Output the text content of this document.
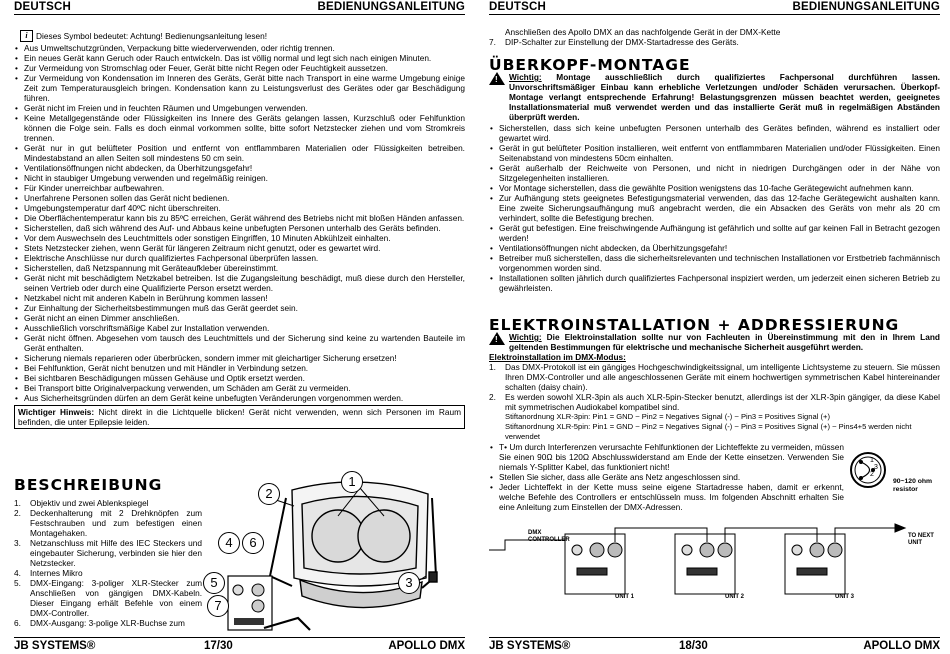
DEUTSCH	BEDIENUNGSANLEITUNG
i	Dieses Symbol bedeutet: Achtung! Bedienungsanleitung lesen!
• Aus Umweltschutzgründen, Verpackung bitte wiederverwenden, oder richtig trennen.
• Ein neues Gerät kann Geruch oder Rauch entwickeln. Das ist völlig normal und legt sich nach einigen Minuten.
• Zur Vermeidung von Stromschlag oder Feuer, Gerät bitte nicht Regen oder Feuchtigkeit aussetzen.
• Zur Vermeidung von Kondensation im Inneren des Geräts, Gerät bitte nach Transport in eine warme Umgebung einige Zeit zum Temperaturausgleich bringen. Kondensation kann zu Leistungsverlust des Gerätes oder gar Beschädigung führen.
• Gerät nicht im Freien und in feuchten Räumen und Umgebungen verwenden.
• Keine Metallgegenstände oder Flüssigkeiten ins Innere des Geräts gelangen lassen, Kurzschluß oder Fehlfunktion können die Folge sein. Falls es doch einmal vorkommen sollte, bitte sofort Netzstecker ziehen und vom Stromkreis trennen.
• Gerät nur in gut belüfteter Position und entfernt von entflammbaren Materialien oder Flüssigkeiten betreiben. Mindestabstand an allen Seiten soll mindestens 50 cm sein.
• Ventilationsöffnungen nicht abdecken, da Überhitzungsgefahr!
• Nicht in staubiger Umgebung verwenden und regelmäßig reinigen.
• Für Kinder unerreichbar aufbewahren.
• Unerfahrene Personen sollen das Gerät nicht bedienen.
• Umgebungstemperatur darf 40ºC nicht überschreiten.
• Die Oberflächentemperatur kann bis zu 85ºC erreichen, Gerät während des Betriebs nicht mit bloßen Händen anfassen.
• Sicherstellen, daß sich während des Auf- und Abbaus keine unbefugten Personen unterhalb des Geräts befinden.
• Vor dem Auswechseln des Leuchtmittels oder sonstigen Eingriffen, 10 Minuten Abkühlzeit einhalten.
• Stets Netzstecker ziehen, wenn Gerät für längeren Zeitraum nicht genutzt, oder es gewartet wird.
• Elektrische Anschlüsse nur durch qualifiziertes Fachpersonal überprüfen lassen.
• Sicherstellen, daß Netzspannung mit Geräteaufkleber übereinstimmt.
• Gerät nicht mit beschädigtem Netzkabel betreiben. Ist die Zugangsleitung beschädigt, muß diese durch den Hersteller, seinen Vertrieb oder durch eine Qualifizierte Person ersetzt werden.
• Netzkabel nicht mit anderen Kabeln in Berührung kommen lassen!
• Zur Einhaltung der Sicherheitsbestimmungen muß das Gerät geerdet sein.
• Gerät nicht an einen Dimmer anschließen.
• Ausschließlich vorschriftsmäßige Kabel zur Installation verwenden.
• Gerät nicht öffnen. Abgesehen vom tausch des Leuchtmittels und der Sicherung sind keine zu wartenden Bauteile im Gerät enthalten.
• Sicherung niemals reparieren oder überbrücken, sondern immer mit gleichartiger Sicherung ersetzen!
• Bei Fehlfunktion, Gerät nicht benutzen und mit Händler in Verbindung setzen.
• Bei sichtbaren Beschädigungen müssen Gehäuse und Optik ersetzt werden.
• Bei Transport bitte Originalverpackung verwenden, um Schäden am Gerät zu vermeiden.
• Aus Sicherheitsgründen dürfen an dem Gerät keine unbefugten Veränderungen vorgenommen werden.
Wichtiger Hinweis: Nicht direkt in die Lichtquelle blicken! Gerät nicht verwenden, wenn sich Personen im Raum befinden, die unter Epilepsie leiden.
BESCHREIBUNG
1. Objektiv und zwei Ablenkspiegel
2. Deckenhalterung mit 2 Drehknöpfen zum Festschrauben und zum befestigen einen Montagehaken.
3. Netzanschluss mit Hilfe des IEC Steckers und eingebauter Sicherung, verbinden sie hier den Netzstecker.
4. Internes Mikro
5. DMX-Eingang: 3-poliger XLR-Stecker zum Anschließen von gängigen DMX-Kabeln. Dieser Eingang erhält Befehle von einem DMX-Controller.
6. DMX-Ausgang: 3-polige XLR-Buchse zum
1
2
3
4
5
6
7
JB SYSTEMS®	17/30	APOLLO DMX
DEUTSCH	BEDIENUNGSANLEITUNG
Anschließen des Apollo DMX an das nachfolgende Gerät in der DMX-Kette
7. DIP-Schalter zur Einstellung der DMX-Startadresse des Geräts.
ÜBERKOPF-MONTAGE
! Wichtig: Montage ausschließlich durch qualifiziertes Fachpersonal durchführen lassen. Unvorschriftsmäßiger Einbau kann erhebliche Verletzungen und/oder Schäden verursachen. Überkopf-Montage verlangt entsprechende Erfahrung! Belastungsgrenzen müssen beachtet werden, geeignetes Installationsmaterial muß verwendet werden und das installierte Gerät muß in regelmäßigen Abständen überprüft werden.
• Sicherstellen, dass sich keine unbefugten Personen unterhalb des Gerätes befinden, während es installiert oder gewartet wird.
• Gerät in gut belüfteter Position installieren, weit entfernt von entflammbaren Materialien und/oder Flüssigkeiten. Einen Seitenabstand von mindestens 50cm einhalten.
• Gerät außerhalb der Reichweite von Personen, und nicht in niedrigen Durchgängen oder in der Nähe von Sitzgelegenheiten installieren.
• Vor Montage sicherstellen, dass die gewählte Position wenigstens das 10-fache Gerätegewicht aufnehmen kann.
• Zur Aufhängung stets geeignetes Befestigungsmaterial verwenden, das das 12-fache Gerätegewicht aushalten kann. Eine zweite Sicherungsaufhängung muß angebracht werden, die ein Absacken des Geräts von mehr als 20 cm verhindert, sollte die Befestigung brechen.
• Gerät gut befestigen. Eine freischwingende Aufhängung ist gefährlich und sollte auf gar keinen Fall in Betracht gezogen werden!
• Ventilationsöffnungen nicht abdecken, da Überhitzungsgefahr!
• Betreiber muß sicherstellen, dass die sicherheitsrelevanten und technischen Installationen vor Erstbetrieb fachmännisch vorgenommen worden sind.
• Installationen sollten jährlich durch qualifiziertes Fachpersonal inspiziert werden, um jederzeit einen sicheren Betrieb zu gewährleisten.
ELEKTROINSTALLATION + ADDRESSIERUNG
! Wichtig: Die Elektroinstallation sollte nur von Fachleuten in Übereinstimmung mit den in Ihrem Land geltenden Bestimmungen für elektrische und mechanische Sicherheit ausgeführt werden.
Elektroinstallation im DMX-Modus:
1. Das DMX-Protokoll ist ein gängiges Hochgeschwindigkeitssignal, um intelligente Lichtsysteme zu steuern. Sie müssen Ihren DMX-Controller und alle angeschlossenen Geräte mit einem hochwertigen symmetrischen Kabel hintereinander schalten (daisy chain).
2. Es werden sowohl XLR-3pin als auch XLR-5pin-Stecker benutzt, allerdings ist der XLR-3pin gängiger, da diese Kabel mit symmetrischen Audiokabel kompatibel sind.
Stiftanordnung XLR-3pin: Pin1 = GND ~ Pin2 = Negatives Signal (-) ~ Pin3 = Positives Signal (+)
Stiftanordnung XLR-5pin: Pin1 = GND ~ Pin2 = Negatives Signal (-) ~ Pin3 = Positives Signal (+) ~ Pins4+5 werden nicht verwendet
• T• Um durch Interferenzen verursachte Fehlfunktionen der Lichteffekte zu vermeiden, müssen Sie einen 90Ω bis 120Ω Abschlusswiderstand am Ende der Kette einsetzen. Verwenden Sie niemals Y-Splitter Kabel, das funktioniert nicht!
• Stellen Sie sicher, dass alle Geräte ans Netz angeschlossen sind.
• Jeder Lichteffekt in der Kette muss seine eigene Startadresse haben, damit er erkennt, welche Befehle des Controllers er entschlüsseln muss. Im folgenden Abschnitt erhalten Sie eine Anleitung zum Einstellen der DMX-Adressen.
1
3
2
90~120 ohm resistor
DMX CONTROLLER
TO NEXT UNIT
UNIT 1	UNIT 2	UNIT 3
JB SYSTEMS®	18/30	APOLLO DMX
